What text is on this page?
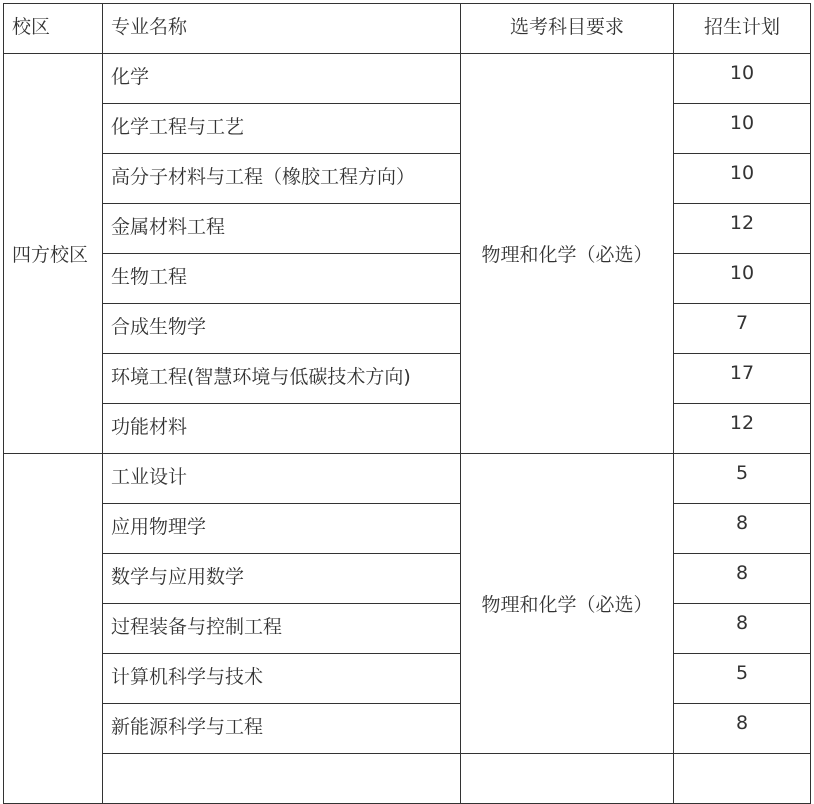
校区	专业名称	选考科目要求	招生计划
四方校区	化学	物理和化学（必选）	10
	化学工程与工艺		10
	高分子材料与工程（橡胶工程方向）		10
	金属材料工程		12
	生物工程		10
	合成生物学		7
	环境工程(智慧环境与低碳技术方向)		17
	功能材料		12
	工业设计	物理和化学（必选）	5
	应用物理学		8
	数学与应用数学		8
	过程装备与控制工程		8
	计算机科学与技术		5
	新能源科学与工程		8
